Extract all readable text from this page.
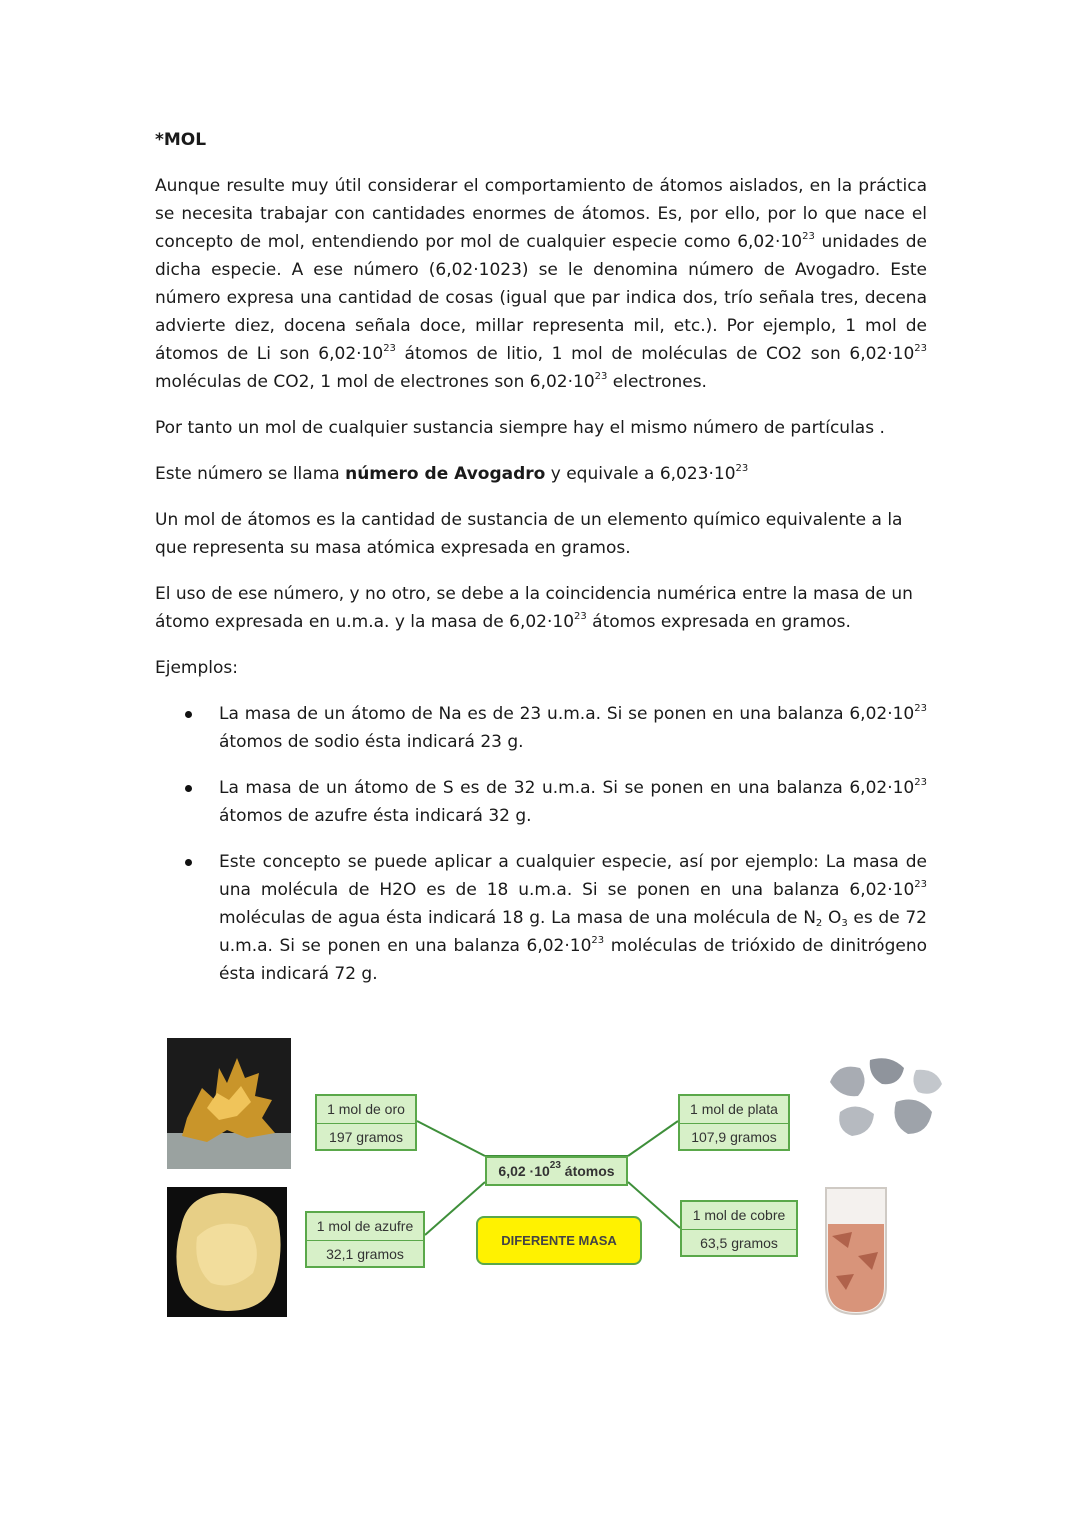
*MOL

Aunque resulte muy útil considerar el comportamiento de átomos aislados, en la práctica se necesita trabajar con cantidades enormes de átomos. Es, por ello, por lo que nace el concepto de mol, entendiendo por mol de cualquier especie como $6,02\cdot 10^{23}$ unidades de dicha especie. A ese número (6,02·1023) se le denomina número de Avogadro. Este número expresa una cantidad de cosas (igual que par indica dos, trío señala tres, decena advierte diez, docena señala doce, millar representa mil, etc.). Por ejemplo, 1 mol de átomos de Li son $6,02\cdot 10^{23}$ átomos de litio, 1 mol de moléculas de CO2 son $6,02\cdot 10^{23}$ moléculas de CO2, 1 mol de electrones son $6,02\cdot 10^{23}$ electrones.

Por tanto un mol de cualquier sustancia siempre hay el mismo número de partículas .

Este número se llama número de Avogadro y equivale a $6,023\cdot 10^{23}$

Un mol de átomos es la cantidad de sustancia de un elemento químico equivalente a la que representa su masa atómica expresada en gramos.

El uso de ese número, y no otro, se debe a la coincidencia numérica entre la masa de un átomo expresada en u.m.a. y la masa de $6,02\cdot 10^{23}$ átomos expresada en gramos.

Ejemplos:

La masa de un átomo de Na es de 23 u.m.a. Si se ponen en una balanza $6,02\cdot 10^{23}$ átomos de sodio ésta indicará 23 g.
La masa de un átomo de S es de 32 u.m.a. Si se ponen en una balanza $6,02\cdot 10^{23}$ átomos de azufre ésta indicará 32 g.
Este concepto se puede aplicar a cualquier especie, así por ejemplo: La masa de una molécula de H2O es de 18 u.m.a. Si se ponen en una balanza $6,02\cdot 10^{23}$ moléculas de agua ésta indicará 18 g. La masa de una molécula de $N_2$ $O_3$ es de 72 u.m.a. Si se ponen en una balanza $6,02\cdot 10^{23}$ moléculas de trióxido de dinitrógeno ésta indicará 72 g.
1 mol de oro
197 gramos
1 mol de azufre
32,1 gramos
1 mol de plata
107,9 gramos
1 mol de cobre
63,5 gramos
$6,02 \cdot 10^{23}$ átomos
DIFERENTE MASA
